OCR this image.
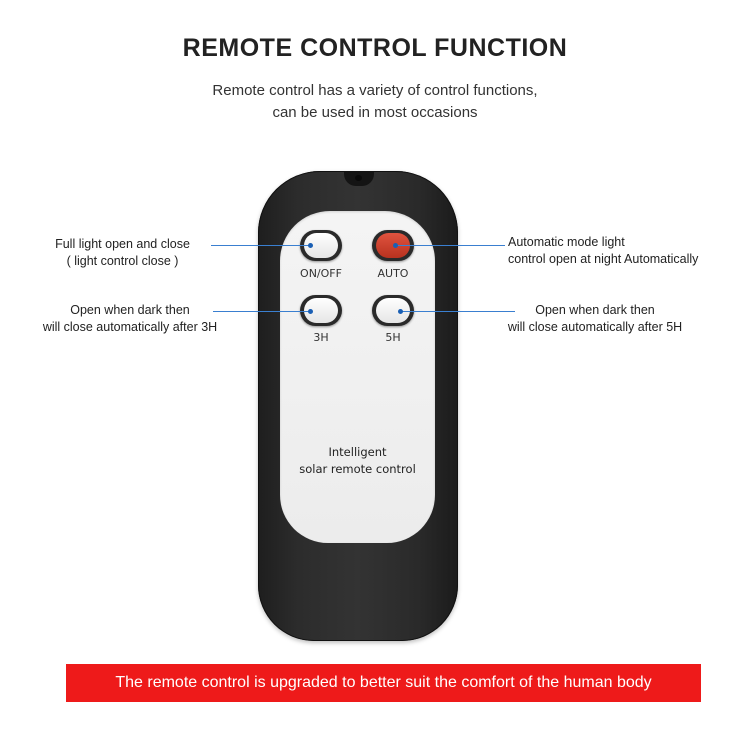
REMOTE CONTROL FUNCTION
Remote control has a variety of control functions,
can be used in most occasions
ON/OFF	AUTO
3H	5H
Intelligent
solar remote control
Full light open and close
( light control close )
Automatic mode light
control open at night Automatically
Open when dark then
will close automatically after 3H
Open when dark then
will close automatically after 5H
The remote control is upgraded to better suit the comfort of the human body
